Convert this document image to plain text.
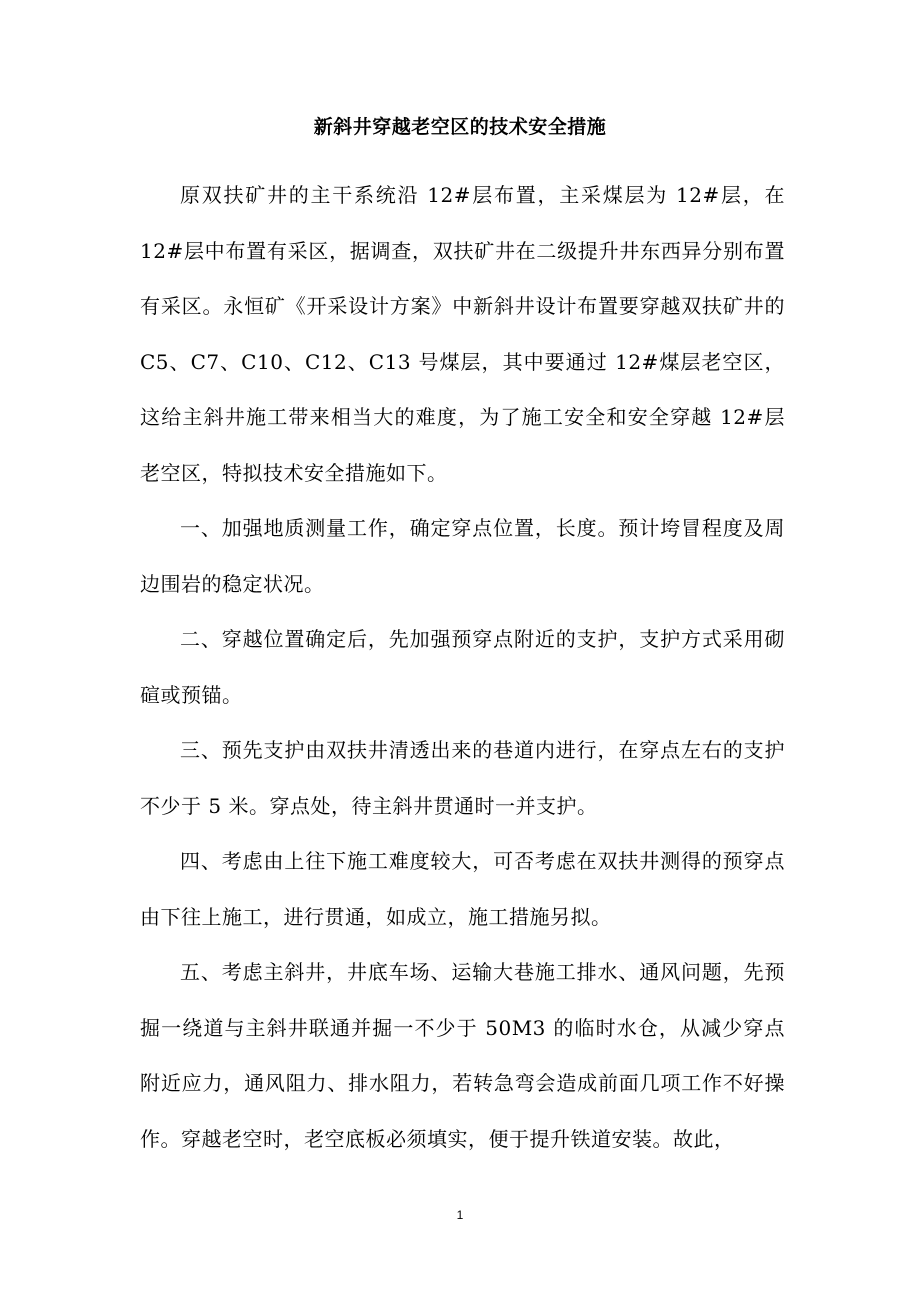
新斜井穿越老空区的技术安全措施

原双扶矿井的主干系统沿 12#层布置，主采煤层为 12#层，在 12#层中布置有采区，据调查，双扶矿井在二级提升井东西异分别布置有采区。永恒矿《开采设计方案》中新斜井设计布置要穿越双扶矿井的 C5、C7、C10、C12、C13 号煤层，其中要通过 12#煤层老空区，这给主斜井施工带来相当大的难度，为了施工安全和安全穿越 12#层老空区，特拟技术安全措施如下。

一、加强地质测量工作，确定穿点位置，长度。预计垮冒程度及周边围岩的稳定状况。

二、穿越位置确定后，先加强预穿点附近的支护，支护方式采用砌碹或预锚。

三、预先支护由双扶井清透出来的巷道内进行，在穿点左右的支护不少于 5 米。穿点处，待主斜井贯通时一并支护。

四、考虑由上往下施工难度较大，可否考虑在双扶井测得的预穿点由下往上施工，进行贯通，如成立，施工措施另拟。

五、考虑主斜井，井底车场、运输大巷施工排水、通风问题，先预掘一绕道与主斜井联通并掘一不少于 50M3 的临时水仓，从减少穿点附近应力，通风阻力、排水阻力，若转急弯会造成前面几项工作不好操作。穿越老空时，老空底板必须填实，便于提升铁道安装。故此，

1
